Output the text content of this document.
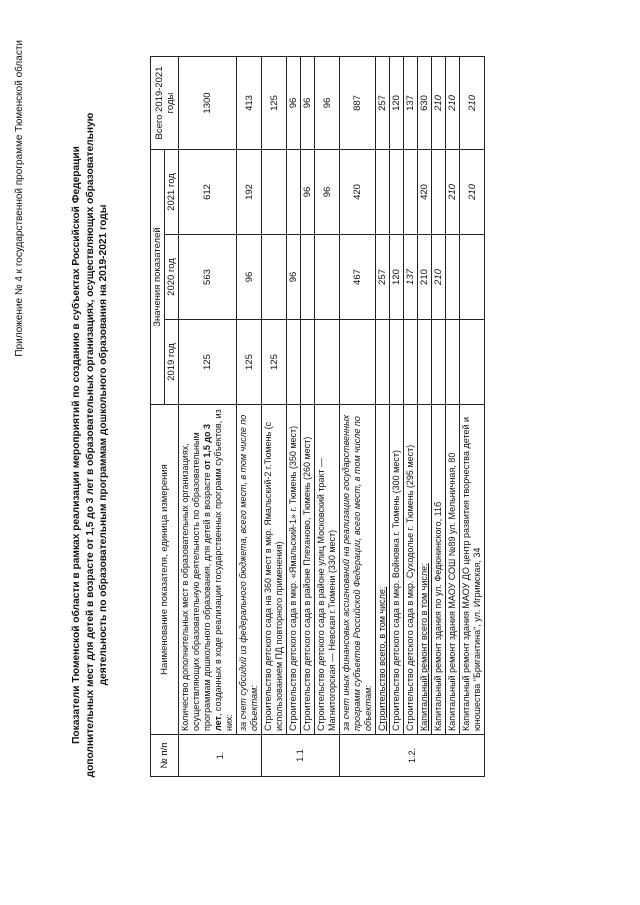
Приложение № 4 к государственной программе Тюменской области	Показатели Тюменской области в рамках реализации мероприятий по созданию в субъектах Российской Федерации дополнительных мест для детей в возрасте от 1,5 до 3 лет в образовательных организациях, осуществляющих образовательную деятельность по образовательным программам дошкольного образования на 2019-2021 годы
№ п/п	Наименование показателя, единица измерения	Значения показателей			Всего 2019-2021 годы
		2019 год	2020 год	2021 год	
1.	Количество дополнительных мест в образовательных организациях, осуществляющих образовательную деятельность по образовательным программам дошкольного образования, для детей в возрасте от 1,5 до 3 лет, созданных в ходе реализации государственных программ субъектов, из них:	125	563	612	1300
	за счет субсидий из федерального бюджета, всего мест, в том числе по объектам:	125	96	192	413
1.1	Строительство детского сада на 360 мест в мкр. Ямальский-2 г.Тюмень (с использованием ПД повторного применения)	125			125
	Строительство детского сада в мкр. «Ямальский-1» г. Тюмень (350 мест)		96		96
	Строительство детского сада в районе Плеханово, Тюмень (260 мест)			96	96
	Строительство детского сада в районе улиц Московский тракт — Магнитогорская — Невская г.Тюмени (330 мест)			96	96
1.2.	за счет иных финансовых ассигнований на реализацию государственных программ субъектов Российской Федерации, всего мест, в том числе по объектам:		467	420	887
	Строительство всего, в том числе:		257		257
	Строительство детского сада в мкр. Войновка г. Тюмень (300 мест)		120		120
	Строительство детского сада в мкр. Суходолье г. Тюмень (295 мест)		137		137
	Капитальный ремонт всего в том числе:		210	420	630
	Капитальный ремонт здания по ул. Федюнинского, 11б		210		210
	Капитальный ремонт здания МАОУ СОШ №89 ул. Мельничная, 80			210	210
	Капитальный ремонт здания МАОУ ДО центр развития творчества детей и юношества "Бригантина", ул. Игримская, 34			210	210
